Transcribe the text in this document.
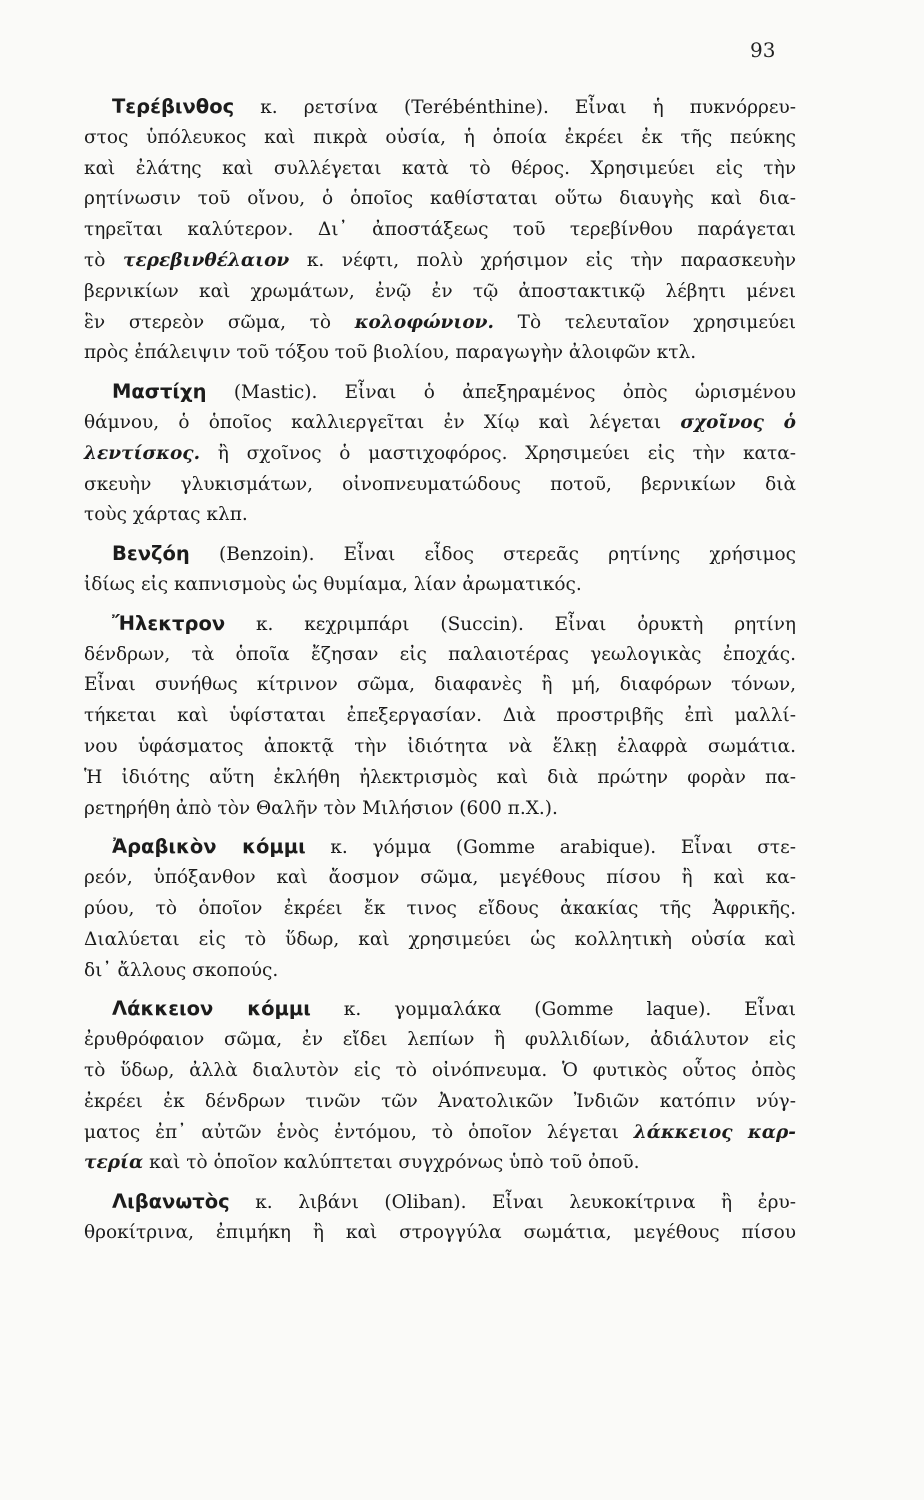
93
Τερέβινθος κ. ρετσίνα (Terébénthine). Εἶναι ἡ πυκνόρρευ-
στος ὑπόλευκος καὶ πικρὰ οὐσία, ἡ ὁποία ἐκρέει ἐκ τῆς πεύκης
καὶ ἐλάτης καὶ συλλέγεται κατὰ τὸ θέρος. Χρησιμεύει εἰς τὴν
ρητίνωσιν τοῦ οἴνου, ὁ ὁποῖος καθίσταται οὕτω διαυγὴς καὶ δια-
τηρεῖται καλύτερον. Δι᾽ ἀποστάξεως τοῦ τερεβίνθου παράγεται
τὸ τερεβινθέλαιον κ. νέφτι, πολὺ χρήσιμον εἰς τὴν παρασκευὴν
βερνικίων καὶ χρωμάτων, ἐνῷ ἐν τῷ ἀποστακτικῷ λέβητι μένει
ἓν στερεὸν σῶμα, τὸ κολοφώνιον. Τὸ τελευταῖον χρησιμεύει
πρὸς ἐπάλειψιν τοῦ τόξου τοῦ βιολίου, παραγωγὴν ἀλοιφῶν κτλ.
Μαστίχη (Mastic). Εἶναι ὁ ἀπεξηραμένος ὀπὸς ὡρισμένου
θάμνου, ὁ ὁποῖος καλλιεργεῖται ἐν Χίῳ καὶ λέγεται σχοῖνος ὁ
λεντίσκος. ἢ σχοῖνος ὁ μαστιχοφόρος. Χρησιμεύει εἰς τὴν κατα-
σκευὴν γλυκισμάτων, οἰνοπνευματώδους ποτοῦ, βερνικίων διὰ
τοὺς χάρτας κλπ.
Βενζόη (Benzoin). Εἶναι εἶδος στερεᾶς ρητίνης χρήσιμος
ἰδίως εἰς καπνισμοὺς ὡς θυμίαμα, λίαν ἀρωματικός.
Ἤλεκτρον κ. κεχριμπάρι (Succin). Εἶναι ὀρυκτὴ ρητίνη
δένδρων, τὰ ὁποῖα ἔζησαν εἰς παλαιοτέρας γεωλογικὰς ἐποχάς.
Εἶναι συνήθως κίτρινον σῶμα, διαφανὲς ἢ μή, διαφόρων τόνων,
τήκεται καὶ ὑφίσταται ἐπεξεργασίαν. Διὰ προστριβῆς ἐπὶ μαλλί-
νου ὑφάσματος ἀποκτᾷ τὴν ἰδιότητα νὰ ἕλκῃ ἐλαφρὰ σωμάτια.
Ἡ ἰδιότης αὕτη ἐκλήθη ἠλεκτρισμὸς καὶ διὰ πρώτην φορὰν πα-
ρετηρήθη ἀπὸ τὸν Θαλῆν τὸν Μιλήσιον (600 π.Χ.).
Ἀραβικὸν κόμμι κ. γόμμα (Gomme arabique). Εἶναι στε-
ρεόν, ὑπόξανθον καὶ ἄοσμον σῶμα, μεγέθους πίσου ἢ καὶ κα-
ρύου, τὸ ὁποῖον ἐκρέει ἔκ τινος εἴδους ἀκακίας τῆς Ἀφρικῆς.
Διαλύεται εἰς τὸ ὕδωρ, καὶ χρησιμεύει ὡς κολλητικὴ οὐσία καὶ
δι᾽ ἄλλους σκοπούς.
Λάκκειον κόμμι κ. γομμαλάκα (Gomme laque). Εἶναι
ἐρυθρόφαιον σῶμα, ἐν εἴδει λεπίων ἢ φυλλιδίων, ἀδιάλυτον εἰς
τὸ ὕδωρ, ἀλλὰ διαλυτὸν εἰς τὸ οἰνόπνευμα. Ὁ φυτικὸς οὗτος ὀπὸς
ἐκρέει ἐκ δένδρων τινῶν τῶν Ἀνατολικῶν Ἰνδιῶν κατόπιν νύγ-
ματος ἐπ᾽ αὐτῶν ἑνὸς ἐντόμου, τὸ ὁποῖον λέγεται λάκκειος καρ-
τερία καὶ τὸ ὁποῖον καλύπτεται συγχρόνως ὑπὸ τοῦ ὀποῦ.
Λιβανωτὸς κ. λιβάνι (Oliban). Εἶναι λευκοκίτρινα ἢ ἐρυ-
θροκίτρινα, ἐπιμήκη ἢ καὶ στρογγύλα σωμάτια, μεγέθους πίσου
